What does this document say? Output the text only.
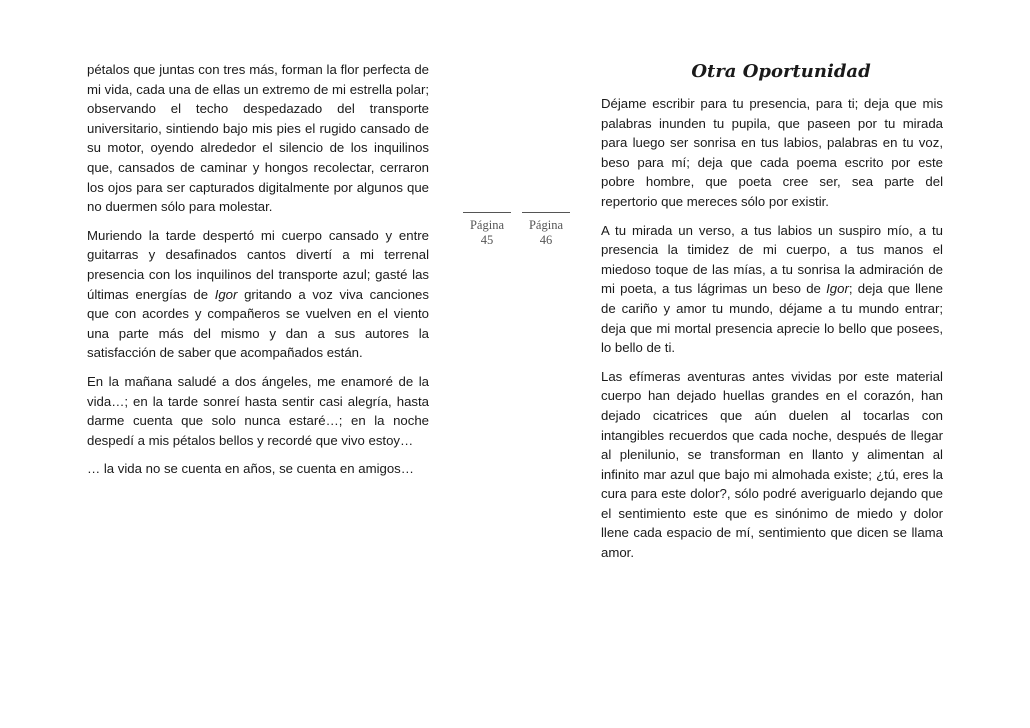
pétalos que juntas con tres más, forman la flor perfecta de mi vida, cada una de ellas un extremo de mi estrella polar; observando el techo despedazado del transporte universitario, sintiendo bajo mis pies el rugido cansado de su motor, oyendo alrededor el silencio de los inquilinos que, cansados de caminar y hongos recolectar, cerraron los ojos para ser capturados digitalmente por algunos que no duermen sólo para molestar.

Muriendo la tarde despertó mi cuerpo cansado y entre guitarras y desafinados cantos divertí a mi terrenal presencia con los inquilinos del transporte azul; gasté las últimas energías de Igor gritando a voz viva canciones que con acordes y compañeros se vuelven en el viento una parte más del mismo y dan a sus autores la satisfacción de saber que acompañados están.

En la mañana saludé a dos ángeles, me enamoré de la vida…; en la tarde sonreí hasta sentir casi alegría, hasta darme cuenta que solo nunca estaré…; en la noche despedí a mis pétalos bellos y recordé que vivo estoy…

… la vida no se cuenta en años, se cuenta en amigos…

Página
45
Página
46
Otra Oportunidad

Déjame escribir para tu presencia, para ti; deja que mis palabras inunden tu pupila, que paseen por tu mirada para luego ser sonrisa en tus labios, palabras en tu voz, beso para mí; deja que cada poema escrito por este pobre hombre, que poeta cree ser, sea parte del repertorio que mereces sólo por existir.

A tu mirada un verso, a tus labios un suspiro mío, a tu presencia la timidez de mi cuerpo, a tus manos el miedoso toque de las mías, a tu sonrisa la admiración de mi poeta, a tus lágrimas un beso de Igor; deja que llene de cariño y amor tu mundo, déjame a tu mundo entrar; deja que mi mortal presencia aprecie lo bello que posees, lo bello de ti.

Las efímeras aventuras antes vividas por este material cuerpo han dejado huellas grandes en el corazón, han dejado cicatrices que aún duelen al tocarlas con intangibles recuerdos que cada noche, después de llegar al plenilunio, se transforman en llanto y alimentan al infinito mar azul que bajo mi almohada existe; ¿tú, eres la cura para este dolor?, sólo podré averiguarlo dejando que el sentimiento este que es sinónimo de miedo y dolor llene cada espacio de mí, sentimiento que dicen se llama amor.
